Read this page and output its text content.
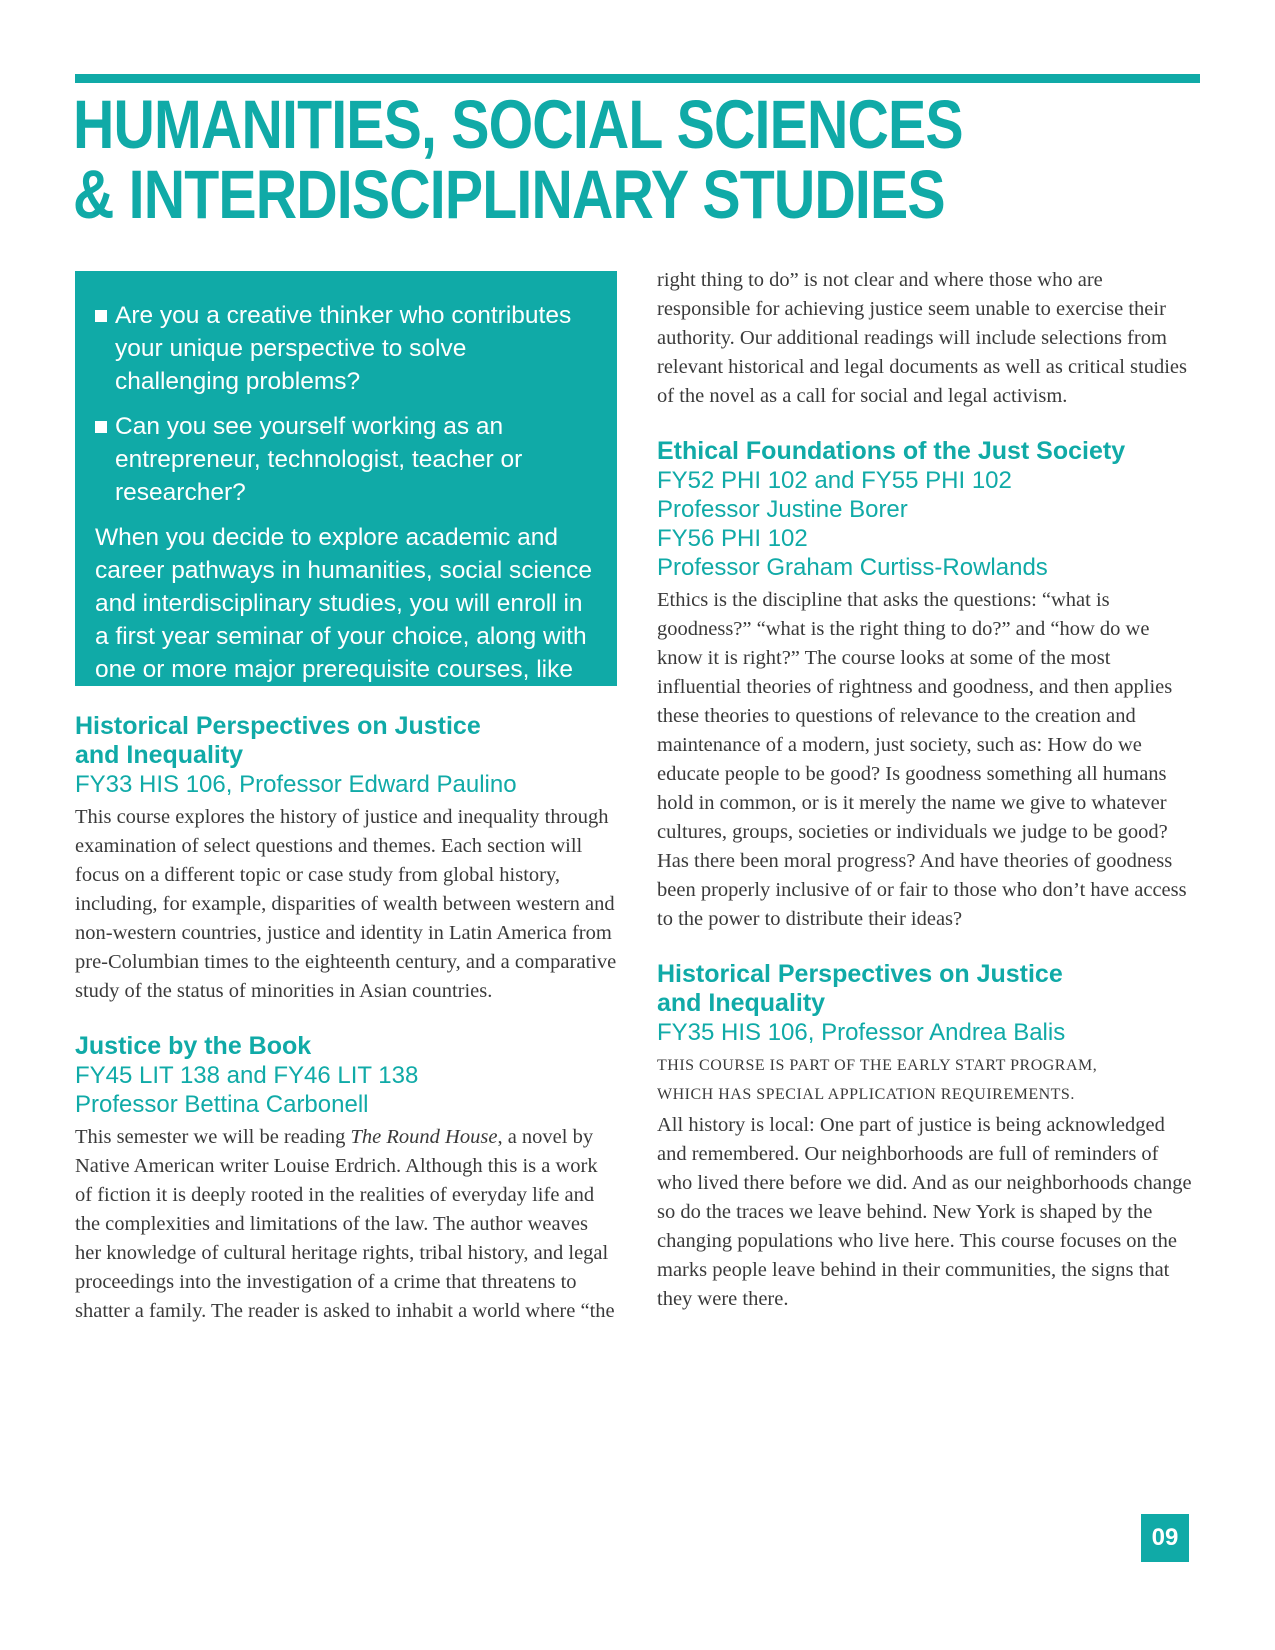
HUMANITIES, SOCIAL SCIENCES
& INTERDISCIPLINARY STUDIES
Are you a creative thinker who contributes your unique perspective to solve challenging problems?
Can you see yourself working as an entrepreneur, technologist, teacher or researcher?

When you decide to explore academic and career pathways in humanities, social science and interdisciplinary studies, you will enroll in a first year seminar of your choice, along with one or more major prerequisite courses, like ANT 101 or SOC 101.

Historical Perspectives on Justice
and Inequality

FY33 HIS 106, Professor Edward Paulino

This course explores the history of justice and inequality through examination of select questions and themes. Each section will focus on a different topic or case study from global history, including, for example, disparities of wealth between western and non-western countries, justice and identity in Latin America from pre-Columbian times to the eighteenth century, and a comparative study of the status of minorities in Asian countries.

Justice by the Book

FY45 LIT 138 and FY46 LIT 138
Professor Bettina Carbonell

This semester we will be reading The Round House, a novel by Native American writer Louise Erdrich. Although this is a work of fiction it is deeply rooted in the realities of everyday life and the complexities and limitations of the law. The author weaves her knowledge of cultural heritage rights, tribal history, and legal proceedings into the investigation of a crime that threatens to shatter a family. The reader is asked to inhabit a world where “the

right thing to do” is not clear and where those who are responsible for achieving justice seem unable to exercise their authority. Our additional readings will include selections from relevant historical and legal documents as well as critical studies of the novel as a call for social and legal activism.

Ethical Foundations of the Just Society

FY52 PHI 102 and FY55 PHI 102
Professor Justine Borer
FY56 PHI 102
Professor Graham Curtiss-Rowlands

Ethics is the discipline that asks the questions: “what is goodness?” “what is the right thing to do?” and “how do we know it is right?” The course looks at some of the most influential theories of rightness and goodness, and then applies these theories to questions of relevance to the creation and maintenance of a modern, just society, such as: How do we educate people to be good? Is goodness something all humans hold in common, or is it merely the name we give to whatever cultures, groups, societies or individuals we judge to be good? Has there been moral progress? And have theories of goodness been properly inclusive of or fair to those who don’t have access to the power to distribute their ideas?

Historical Perspectives on Justice
and Inequality

FY35 HIS 106, Professor Andrea Balis

THIS COURSE IS PART OF THE EARLY START PROGRAM,
WHICH HAS SPECIAL APPLICATION REQUIREMENTS.

All history is local: One part of justice is being acknowledged and remembered. Our neighborhoods are full of reminders of who lived there before we did. And as our neighborhoods change so do the traces we leave behind. New York is shaped by the changing populations who live here. This course focuses on the marks people leave behind in their communities, the signs that they were there.

09
